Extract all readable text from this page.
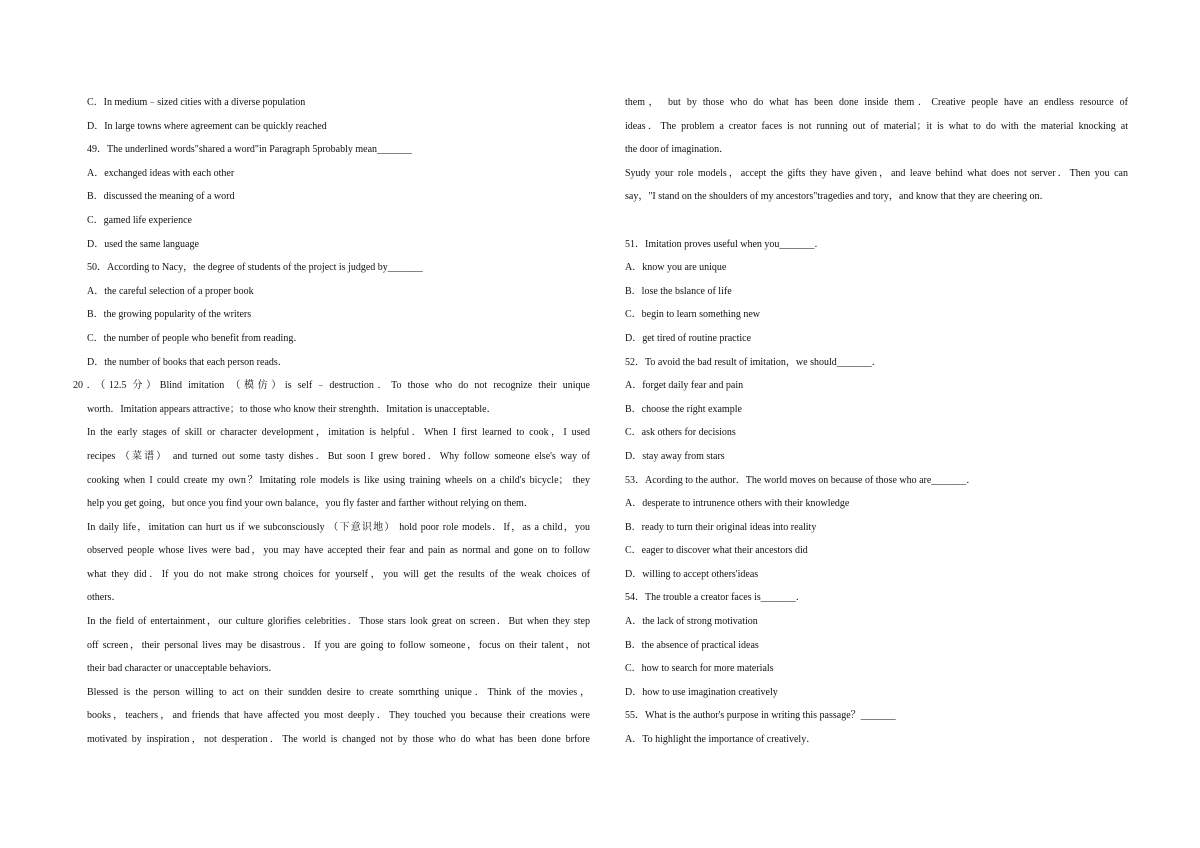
C．In medium﹣sized cities with a diverse population
D．In large towns where agreement can be quickly reached
49．The underlined words"shared a word"in Paragraph 5probably mean_______
A．exchanged ideas with each other
B．discussed the meaning of a word
C．gamed life experience
D．used the same language
50．According to Nacy，the degree of students of the project is judged by_______
A．the careful selection of a proper book
B．the growing popularity of the writers
C．the number of people who benefit from reading．
D．the number of books that each person reads．
20．（12.5 分）Blind imitation （模仿）is self﹣destruction．To those who do not recognize their unique
worth．Imitation appears attractive；to those who know their strenghth．Imitation is unacceptable．
In the early stages of skill or character development，imitation is helpful．When I first learned to cook，I used
recipes （菜谱） and turned out some tasty dishes．But soon I grew bored．Why follow someone else's way of
cooking when I could create my own？Imitating role models is like using training wheels on a child's bicycle； they
help you get going，but once you find your own balance，you fly faster and farther without relying on them．
In daily life，imitation can hurt us if we subconsciously （下意识地） hold poor role models．If，as a child，you
observed people whose lives were bad，you may have accepted their fear and pain as normal and gone on to follow
what they did．If you do not make strong choices for yourself，you will get the results of the weak choices of
others．
In the field of entertainment，our culture glorifies celebrities．Those stars look great on screen．But when they step
off screen，their personal lives may be disastrous．If you are going to follow someone，focus on their talent，not
their bad character or unacceptable behaviors．
Blessed is the person willing to act on their sundden desire to create somrthing unique．Think of the movies，
books，teachers，and friends that have affected you most deeply．They touched you because their creations were
motivated by inspiration，not desperation．The world is changed not by those who do what has been done brfore
them， but by those who do what has been done inside them．Creative people have an endless resource of
ideas．The problem a creator faces is not running out of material；it is what to do with the material knocking at
the door of imagination．
Syudy your role models，accept the gifts they have given，and leave behind what does not server．Then you can
say，"I stand on the shoulders of my ancestors"tragedies and tory，and know that they are cheering on．
51．Imitation proves useful when you_______．
A．know you are unique
B．lose the bslance of life
C．begin to learn something new
D．get tired of routine practice
52．To avoid the bad result of imitation，we should_______．
A．forget daily fear and pain
B．choose the right example
C．ask others for decisions
D．stay away from stars
53．Acording to the author．The world moves on because of those who are_______．
A．desperate to intrunence others with their knowledge
B．ready to turn their original ideas into reality
C．eager to discover what their ancestors did
D．willing to accept others'ideas
54．The trouble a creator faces is_______．
A．the lack of strong motivation
B．the absence of practical ideas
C．how to search for more materials
D．how to use imagination creatively
55．What is the author's purpose in writing this passage？_______
A．To highlight the importance of creatively．
